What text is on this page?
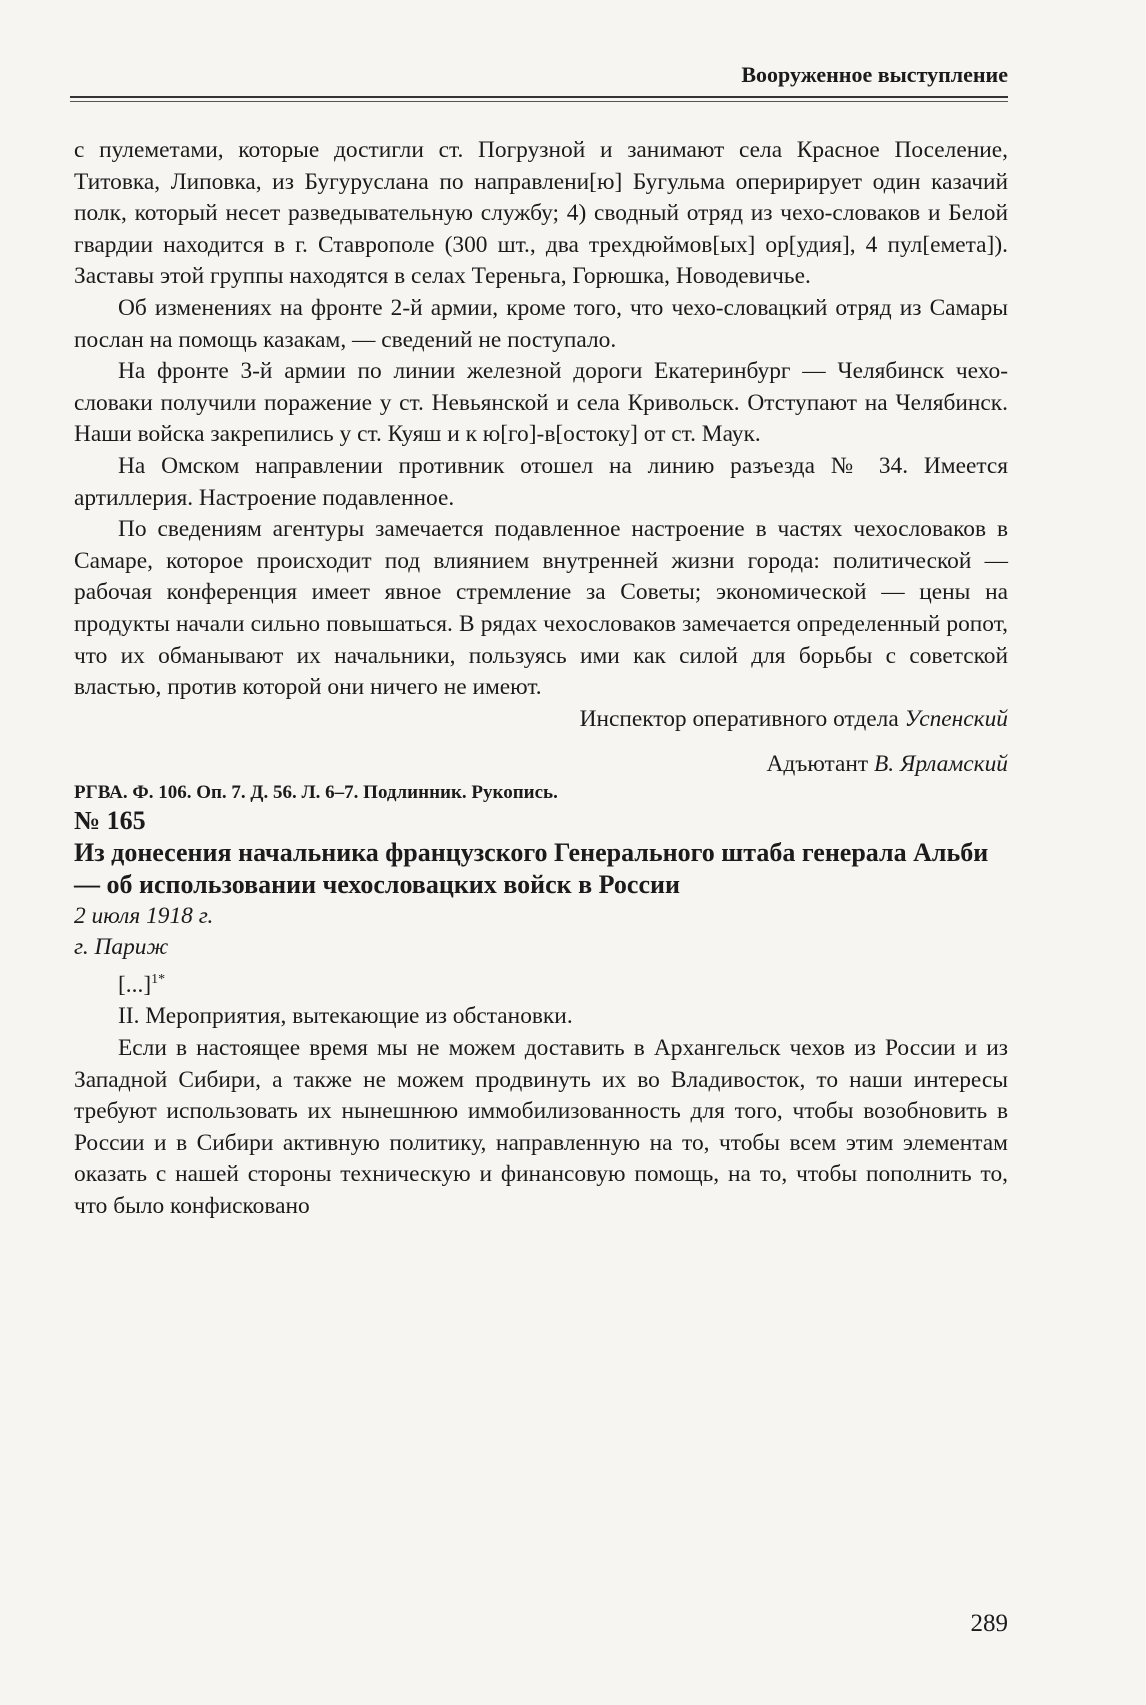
Вооруженное выступление

с пулеметами, которые достигли ст. Погрузной и занимают села Красное Поселение, Титовка, Липовка, из Бугуруслана по направлени[ю] Бугульма оперирирует один казачий полк, который несет разведывательную службу; 4) сводный отряд из чехо-словаков и Белой гвардии находится в г. Ставрополе (300 шт., два трехдюймов[ых] ор[удия], 4 пул[емета]). Заставы этой группы находятся в селах Тереньга, Горюшка, Новодевичье.

Об изменениях на фронте 2-й армии, кроме того, что чехо-словацкий отряд из Самары послан на помощь казакам, — сведений не поступало.

На фронте 3-й армии по линии железной дороги Екатеринбург — Челябинск чехо-словаки получили поражение у ст. Невьянской и села Кривольск. Отступают на Челябинск. Наши войска закрепились у ст. Куяш и к ю[го]-в[остоку] от ст. Маук.

На Омском направлении противник отошел на линию разъезда № 34. Имеется артиллерия. Настроение подавленное.

По сведениям агентуры замечается подавленное настроение в частях чехословаков в Самаре, которое происходит под влиянием внутренней жизни города: политической — рабочая конференция имеет явное стремление за Советы; экономической — цены на продукты начали сильно повышаться. В рядах чехословаков замечается определенный ропот, что их обманывают их начальники, пользуясь ими как силой для борьбы с советской властью, против которой они ничего не имеют.

Инспектор оперативного отдела Успенский

Адъютант В. Ярламский

РГВА. Ф. 106. Оп. 7. Д. 56. Л. 6–7. Подлинник. Рукопись.

№ 165

Из донесения начальника французского Генерального штаба генерала Альби — об использовании чехословацких войск в России

2 июля 1918 г.

г. Париж

[...]$^{1*}$

II. Мероприятия, вытекающие из обстановки.

Если в настоящее время мы не можем доставить в Архангельск чехов из России и из Западной Сибири, а также не можем продвинуть их во Владивосток, то наши интересы требуют использовать их нынешнюю иммобилизованность для того, чтобы возобновить в России и в Сибири активную политику, направленную на то, чтобы всем этим элементам оказать с нашей стороны техническую и финансовую помощь, на то, чтобы пополнить то, что было конфисковано

289
